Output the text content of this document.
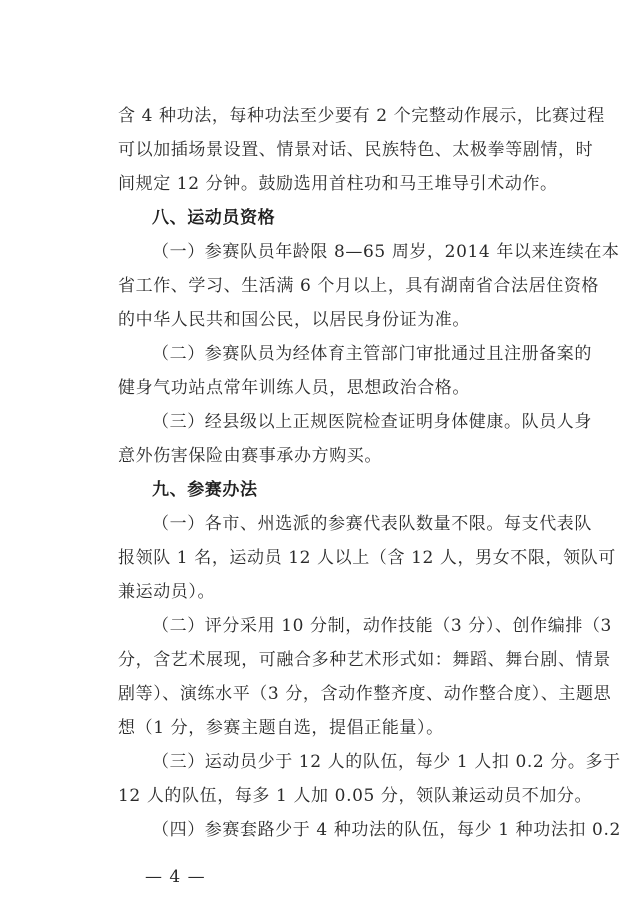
含 4 种功法，每种功法至少要有 2 个完整动作展示，比赛过程
可以加插场景设置、情景对话、民族特色、太极拳等剧情，时
间规定 12 分钟。鼓励选用首柱功和马王堆导引术动作。
八、运动员资格
（一）参赛队员年龄限 8—65 周岁，2014 年以来连续在本
省工作、学习、生活满 6 个月以上，具有湖南省合法居住资格
的中华人民共和国公民，以居民身份证为准。
（二）参赛队员为经体育主管部门审批通过且注册备案的
健身气功站点常年训练人员，思想政治合格。
（三）经县级以上正规医院检查证明身体健康。队员人身
意外伤害保险由赛事承办方购买。
九、参赛办法
（一）各市、州选派的参赛代表队数量不限。每支代表队
报领队 1 名，运动员 12 人以上（含 12 人，男女不限，领队可
兼运动员）。
（二）评分采用 10 分制，动作技能（3 分）、创作编排（3
分，含艺术展现，可融合多种艺术形式如：舞蹈、舞台剧、情景
剧等）、演练水平（3 分，含动作整齐度、动作整合度）、主题思
想（1 分，参赛主题自选，提倡正能量）。
（三）运动员少于 12 人的队伍，每少 1 人扣 0.2 分。多于
12 人的队伍，每多 1 人加 0.05 分，领队兼运动员不加分。
（四）参赛套路少于 4 种功法的队伍，每少 1 种功法扣 0.2
— 4 —
